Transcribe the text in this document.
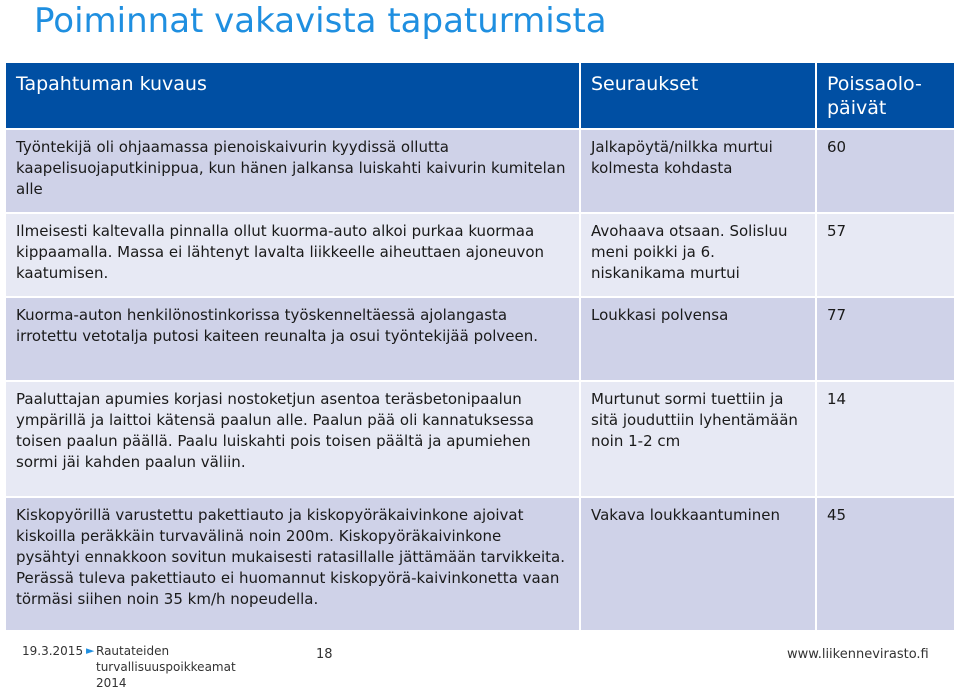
Poiminnat vakavista tapaturmista
Tapahtuman kuvaus	Seuraukset	Poissaolo-päivät
Työntekijä oli ohjaamassa pienoiskaivurin kyydissä ollutta kaapelisuojaputkinippua, kun hänen jalkansa luiskahti kaivurin kumitelan alle	Jalkapöytä/nilkka murtui kolmesta kohdasta	60
Ilmeisesti kaltevalla pinnalla ollut kuorma-auto alkoi purkaa kuormaa kippaamalla. Massa ei lähtenyt lavalta liikkeelle aiheuttaen ajoneuvon kaatumisen.	Avohaava otsaan. Solisluu meni poikki ja 6. niskanikama murtui	57
Kuorma-auton henkilönostinkorissa työskenneltäessä ajolangasta irrotettu vetotalja putosi kaiteen reunalta ja osui työntekijää polveen.	Loukkasi polvensa	77
Paaluttajan apumies korjasi nostoketjun asentoa teräsbetonipaalun ympärillä ja laittoi kätensä paalun alle. Paalun pää oli kannatuksessa toisen paalun päällä. Paalu luiskahti pois toisen päältä ja apumiehen sormi jäi kahden paalun väliin.	Murtunut sormi tuettiin ja sitä jouduttiin lyhentämään noin 1-2 cm	14
Kiskopyörillä varustettu pakettiauto ja kiskopyöräkaivinkone ajoivat kiskoilla peräkkäin turvavälinä noin 200m. Kiskopyöräkaivinkone pysähtyi ennakkoon sovitun mukaisesti ratasillalle jättämään tarvikkeita. Perässä tuleva pakettiauto ei huomannut kiskopyörä-kaivinkonetta vaan törmäsi siihen noin 35 km/h nopeudella.	Vakava loukkaantuminen	45
19.3.2015 ► Rautateiden turvallisuuspoikkeamat 2014
18	www.liikennevirasto.fi
